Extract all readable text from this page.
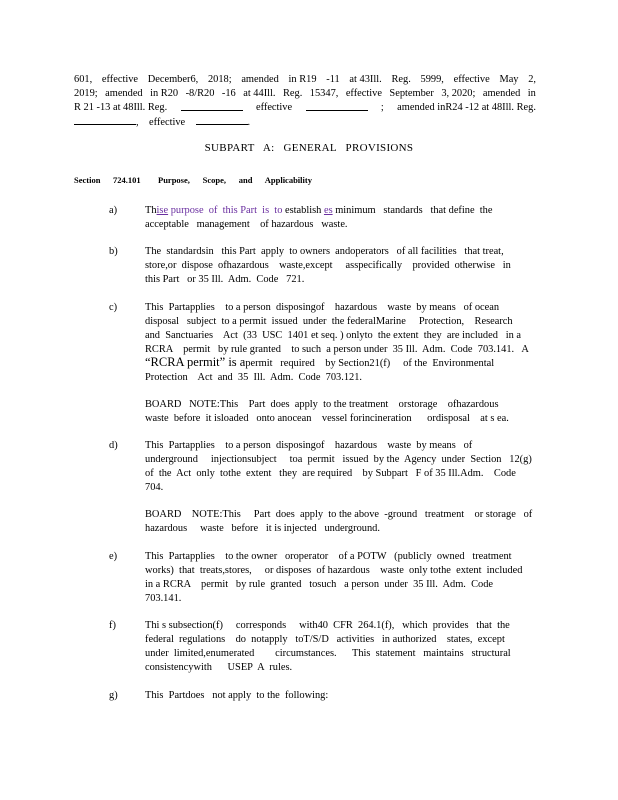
601, effective December6, 2018; amended in R19 -11 at 43Ill. Reg. 5999, effective May 2,
2019; amended in R20 -8/R20 -16 at 44Ill. Reg. 15347, effective September 3, 2020; amended in
R 21 -13 at 48Ill. Reg.	effective	; amended inR24 -12 at 48Ill. Reg.
, effective	.
SUBPART A: GENERAL PROVISIONS
Section 724.101 Purpose,      Scope,      and      Applicability
a)	Thise purpose  of  this Part  is  to establish es minimum   standards   that define  the
acceptable   management    of hazardous   waste.
b)	The  standardsin   this Part  apply  to owners  andoperators   of all facilities   that treat,
store,or  dispose  ofhazardous    waste,except     asspecifically    provided  otherwise   in
this Part   or 35 Ill.  Adm.  Code   721.
c)	This  Partapplies    to a person  disposingof    hazardous    waste  by means   of ocean
disposal   subject  to a permit  issued  under  the federalMarine     Protection,    Research
and  Sanctuaries    Act  (33  USC  1401 et seq. ) onlyto  the extent  they  are included   in a
RCRA    permit   by rule granted    to such  a person under  35 Ill.  Adm.  Code  703.141.   A
“RCRA permit” is apermit   required    by Section21(f)     of the  Environmental
Protection    Act  and  35  Ill.  Adm.  Code  703.121.
BOARD   NOTE:This    Part  does  apply  to the treatment    orstorage    ofhazardous
waste  before  it isloaded   onto anocean    vessel forincineration      ordisposal    at s ea.
d)	This  Partapplies    to a person  disposingof    hazardous    waste  by means   of
underground     injectionsubject     toa  permit   issued  by the  Agency  under  Section   12(g)
of  the  Act  only  tothe  extent   they  are required    by Subpart   F of 35 Ill.Adm.    Code
704.
BOARD    NOTE:This     Part  does  apply  to the above  -ground   treatment    or storage   of
hazardous     waste   before   it is injected   underground.
e)	This  Partapplies    to the owner   oroperator    of a POTW   (publicly  owned   treatment
works)  that  treats,stores,     or disposes  of hazardous    waste  only tothe  extent  included
in a RCRA    permit   by rule  granted   tosuch   a person  under  35 Ill.  Adm.  Code
703.141.
f)	Thi s subsection(f)     corresponds     with40  CFR  264.1(f),   which  provides   that  the
federal  regulations    do  notapply   toT/S/D   activities   in authorized    states,  except
under  limited,enumerated        circumstances.      This  statement   maintains   structural
consistencywith      USEP  A  rules.
g)	This  Partdoes   not apply  to the  following:
